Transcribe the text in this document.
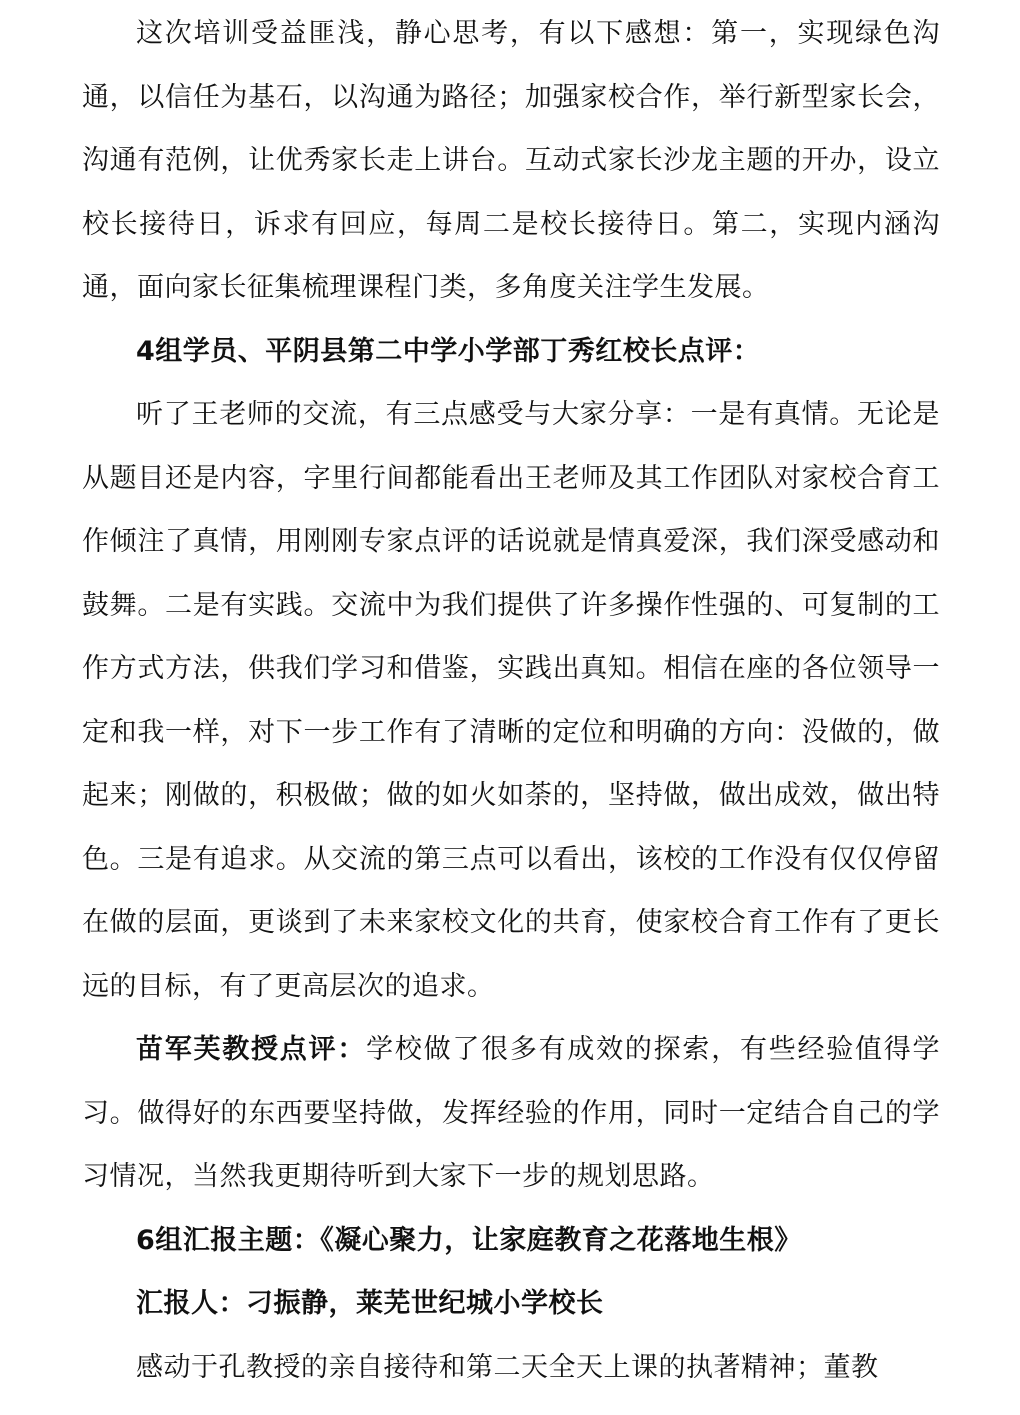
这次培训受益匪浅，静心思考，有以下感想：第一，实现绿色沟通，以信任为基石，以沟通为路径；加强家校合作，举行新型家长会，沟通有范例，让优秀家长走上讲台。互动式家长沙龙主题的开办，设立校长接待日，诉求有回应，每周二是校长接待日。第二，实现内涵沟通，面向家长征集梳理课程门类，多角度关注学生发展。

4组学员、平阴县第二中学小学部丁秀红校长点评：

听了王老师的交流，有三点感受与大家分享：一是有真情。无论是从题目还是内容，字里行间都能看出王老师及其工作团队对家校合育工作倾注了真情，用刚刚专家点评的话说就是情真爱深，我们深受感动和鼓舞。二是有实践。交流中为我们提供了许多操作性强的、可复制的工作方式方法，供我们学习和借鉴，实践出真知。相信在座的各位领导一定和我一样，对下一步工作有了清晰的定位和明确的方向：没做的，做起来；刚做的，积极做；做的如火如荼的，坚持做，做出成效，做出特色。三是有追求。从交流的第三点可以看出，该校的工作没有仅仅停留在做的层面，更谈到了未来家校文化的共育，使家校合育工作有了更长远的目标，有了更高层次的追求。

苗军芙教授点评：学校做了很多有成效的探索，有些经验值得学习。做得好的东西要坚持做，发挥经验的作用，同时一定结合自己的学习情况，当然我更期待听到大家下一步的规划思路。

6组汇报主题：《凝心聚力，让家庭教育之花落地生根》

汇报人：刁振静，莱芜世纪城小学校长

感动于孔教授的亲自接待和第二天全天上课的执著精神；董教
